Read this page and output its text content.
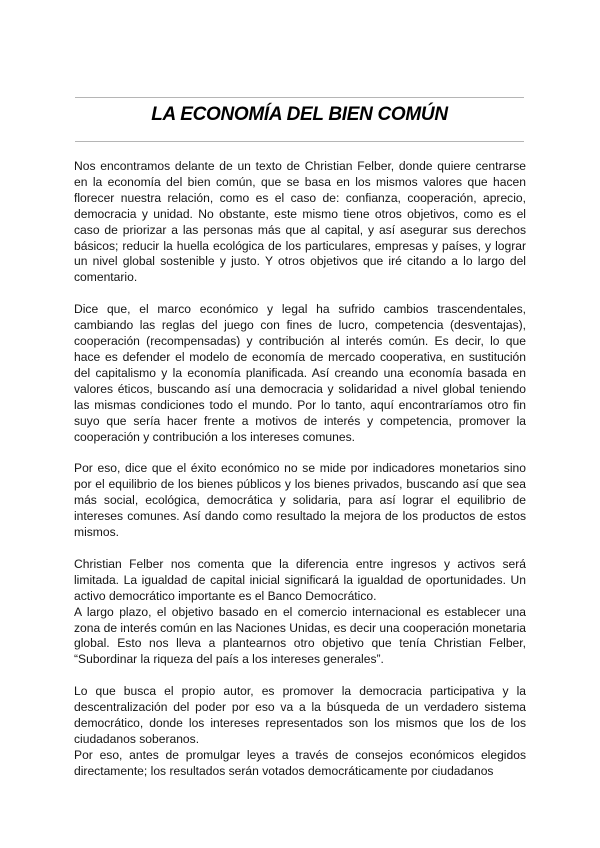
LA ECONOMÍA DEL BIEN COMÚN

Nos encontramos delante de un texto de Christian Felber, donde quiere centrarse en la economía del bien común, que se basa en los mismos valores que hacen florecer nuestra relación, como es el caso de: confianza, cooperación, aprecio, democracia y unidad. No obstante, este mismo tiene otros objetivos, como es el caso de priorizar a las personas más que al capital, y así asegurar sus derechos básicos; reducir la huella ecológica de los particulares, empresas y países, y lograr un nivel global sostenible y justo. Y otros objetivos que iré citando a lo largo del comentario.

Dice que, el marco económico y legal ha sufrido cambios trascendentales, cambiando las reglas del juego con fines de lucro, competencia (desventajas), cooperación (recompensadas) y contribución al interés común. Es decir, lo que hace es defender el modelo de economía de mercado cooperativa, en sustitución del capitalismo y la economía planificada. Así creando una economía basada en valores éticos, buscando así una democracia y solidaridad a nivel global teniendo las mismas condiciones todo el mundo. Por lo tanto, aquí encontraríamos otro fin suyo que sería hacer frente a motivos de interés y competencia, promover la cooperación y contribución a los intereses comunes.

Por eso, dice que el éxito económico no se mide por indicadores monetarios sino por el equilibrio de los bienes públicos y los bienes privados, buscando así que sea más social, ecológica, democrática y solidaria, para así lograr el equilibrio de intereses comunes. Así dando como resultado la mejora de los productos de estos mismos.

Christian Felber nos comenta que la diferencia entre ingresos y activos será limitada. La igualdad de capital inicial significará la igualdad de oportunidades. Un activo democrático importante es el Banco Democrático.

A largo plazo, el objetivo basado en el comercio internacional es establecer una zona de interés común en las Naciones Unidas, es decir una cooperación monetaria global. Esto nos lleva a plantearnos otro objetivo que tenía Christian Felber, “Subordinar la riqueza del país a los intereses generales”.

Lo que busca el propio autor, es promover la democracia participativa y la descentralización del poder por eso va a la búsqueda de un verdadero sistema democrático, donde los intereses representados son los mismos que los de los ciudadanos soberanos.

Por eso, antes de promulgar leyes a través de consejos económicos elegidos directamente; los resultados serán votados democráticamente por ciudadanos
